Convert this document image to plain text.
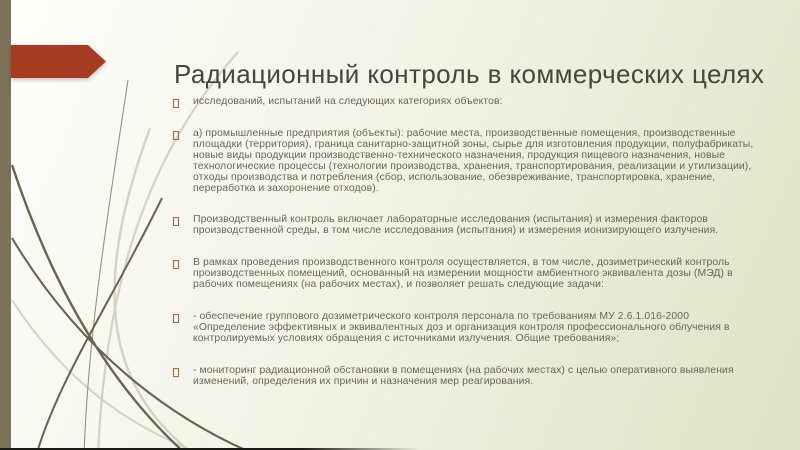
Радиационный контроль в коммерческих целях

исследований, испытаний на следующих категориях объектов:

а) промышленные предприятия (объекты): рабочие места, производственные помещения, производственные площадки (территория), граница санитарно-защитной зоны, сырье для изготовления продукции, полуфабрикаты, новые виды продукции производственно-технического назначения, продукция пищевого назначения, новые технологические процессы (технологии производства, хранения, транспортирования, реализации и утилизации), отходы производства и потребления (сбор, использование, обезвреживание, транспортировка, хранение, переработка и захоронение отходов).

Производственный контроль включает лабораторные исследования (испытания) и измерения факторов производственной среды, в том числе исследования (испытания) и измерения ионизирующего излучения.

В рамках проведения производственного контроля осуществляется, в том числе, дозиметрический контроль производственных помещений, основанный на измерении мощности амбиентного эквивалента дозы (МЭД) в рабочих помещениях (на рабочих местах), и позволяет решать следующие задачи:

- обеспечение группового дозиметрического контроля персонала по требованиям МУ 2.6.1.016-2000 «Определение эффективных и эквивалентных доз и организация контроля профессионального облучения в контролируемых условиях обращения с источниками излучения. Общие требования»;

- мониторинг радиационной обстановки в помещениях (на рабочих местах) с целью оперативного выявления изменений, определения их причин и назначения мер реагирования.
